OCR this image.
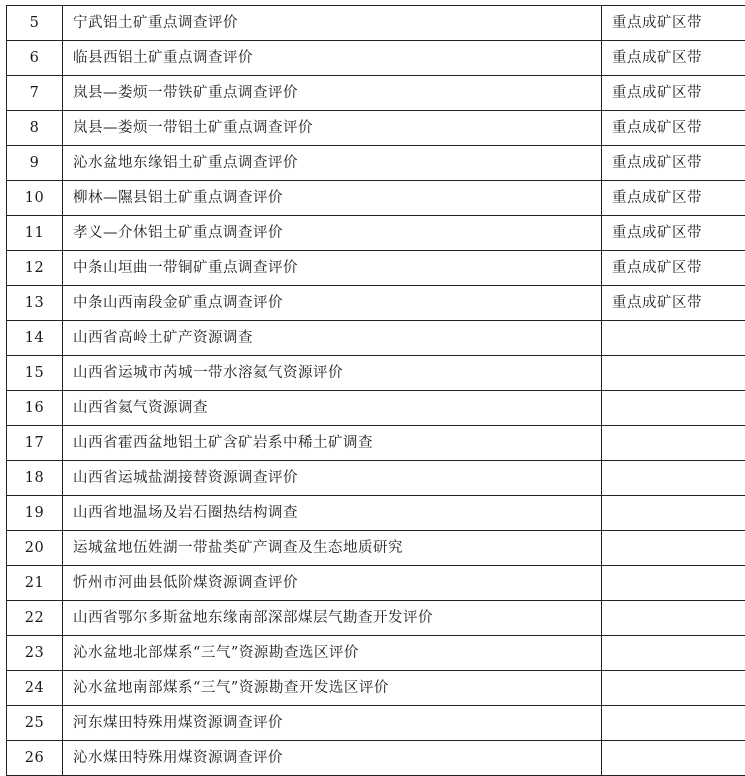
5	宁武铝土矿重点调查评价	重点成矿区带
6	临县西铝土矿重点调查评价	重点成矿区带
7	岚县—娄烦一带铁矿重点调查评价	重点成矿区带
8	岚县—娄烦一带铝土矿重点调查评价	重点成矿区带
9	沁水盆地东缘铝土矿重点调查评价	重点成矿区带
10	柳林—隰县铝土矿重点调查评价	重点成矿区带
11	孝义—介休铝土矿重点调查评价	重点成矿区带
12	中条山垣曲一带铜矿重点调查评价	重点成矿区带
13	中条山西南段金矿重点调查评价	重点成矿区带
14	山西省高岭土矿产资源调查	
15	山西省运城市芮城一带水溶氦气资源评价	
16	山西省氦气资源调查	
17	山西省霍西盆地铝土矿含矿岩系中稀土矿调查	
18	山西省运城盐湖接替资源调查评价	
19	山西省地温场及岩石圈热结构调查	
20	运城盆地伍姓湖一带盐类矿产调查及生态地质研究	
21	忻州市河曲县低阶煤资源调查评价	
22	山西省鄂尔多斯盆地东缘南部深部煤层气勘查开发评价	
23	沁水盆地北部煤系“三气”资源勘查选区评价	
24	沁水盆地南部煤系“三气”资源勘查开发选区评价	
25	河东煤田特殊用煤资源调查评价	
26	沁水煤田特殊用煤资源调查评价	
